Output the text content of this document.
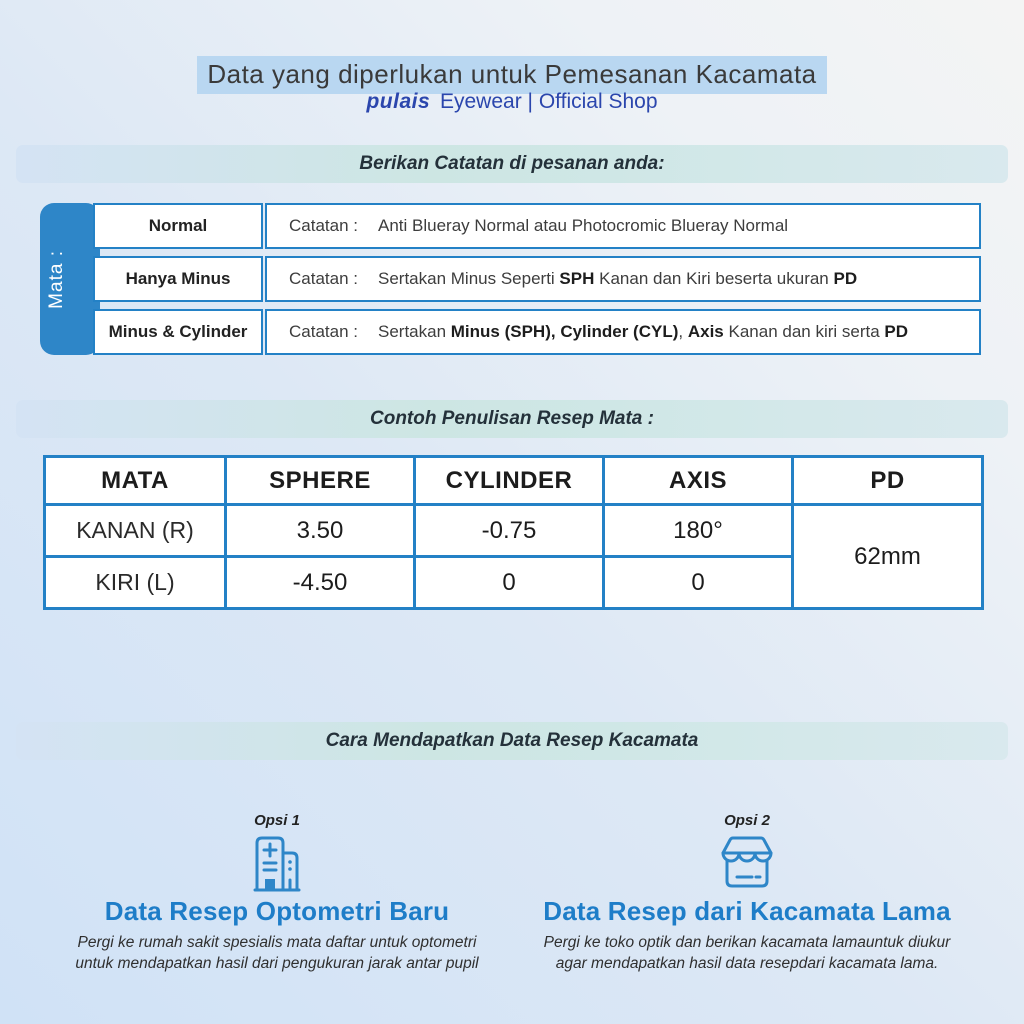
Data yang diperlukan untuk Pemesanan Kacamata
pulais Eyewear | Official Shop
Berikan Catatan di pesanan anda:
Mata :
Normal	Catatan : Anti Blueray Normal atau Photocromic Blueray Normal
Hanya Minus	Catatan : Sertakan Minus Seperti SPH Kanan dan Kiri beserta ukuran PD
Minus & Cylinder	Catatan : Sertakan Minus (SPH), Cylinder (CYL), Axis Kanan dan kiri serta PD
Contoh Penulisan Resep Mata :
MATA	SPHERE	CYLINDER	AXIS	PD
KANAN (R)	3.50	-0.75	180°	62mm
KIRI (L)	-4.50	0	0	
Cara Mendapatkan Data Resep Kacamata
Opsi 1
Data Resep Optometri Baru
Pergi ke rumah sakit spesialis mata daftar untuk optometri untuk mendapatkan hasil dari pengukuran jarak antar pupil
Opsi 2
Data Resep dari Kacamata Lama
Pergi ke toko optik dan berikan kacamata lamauntuk diukur agar mendapatkan hasil data resepdari kacamata lama.
